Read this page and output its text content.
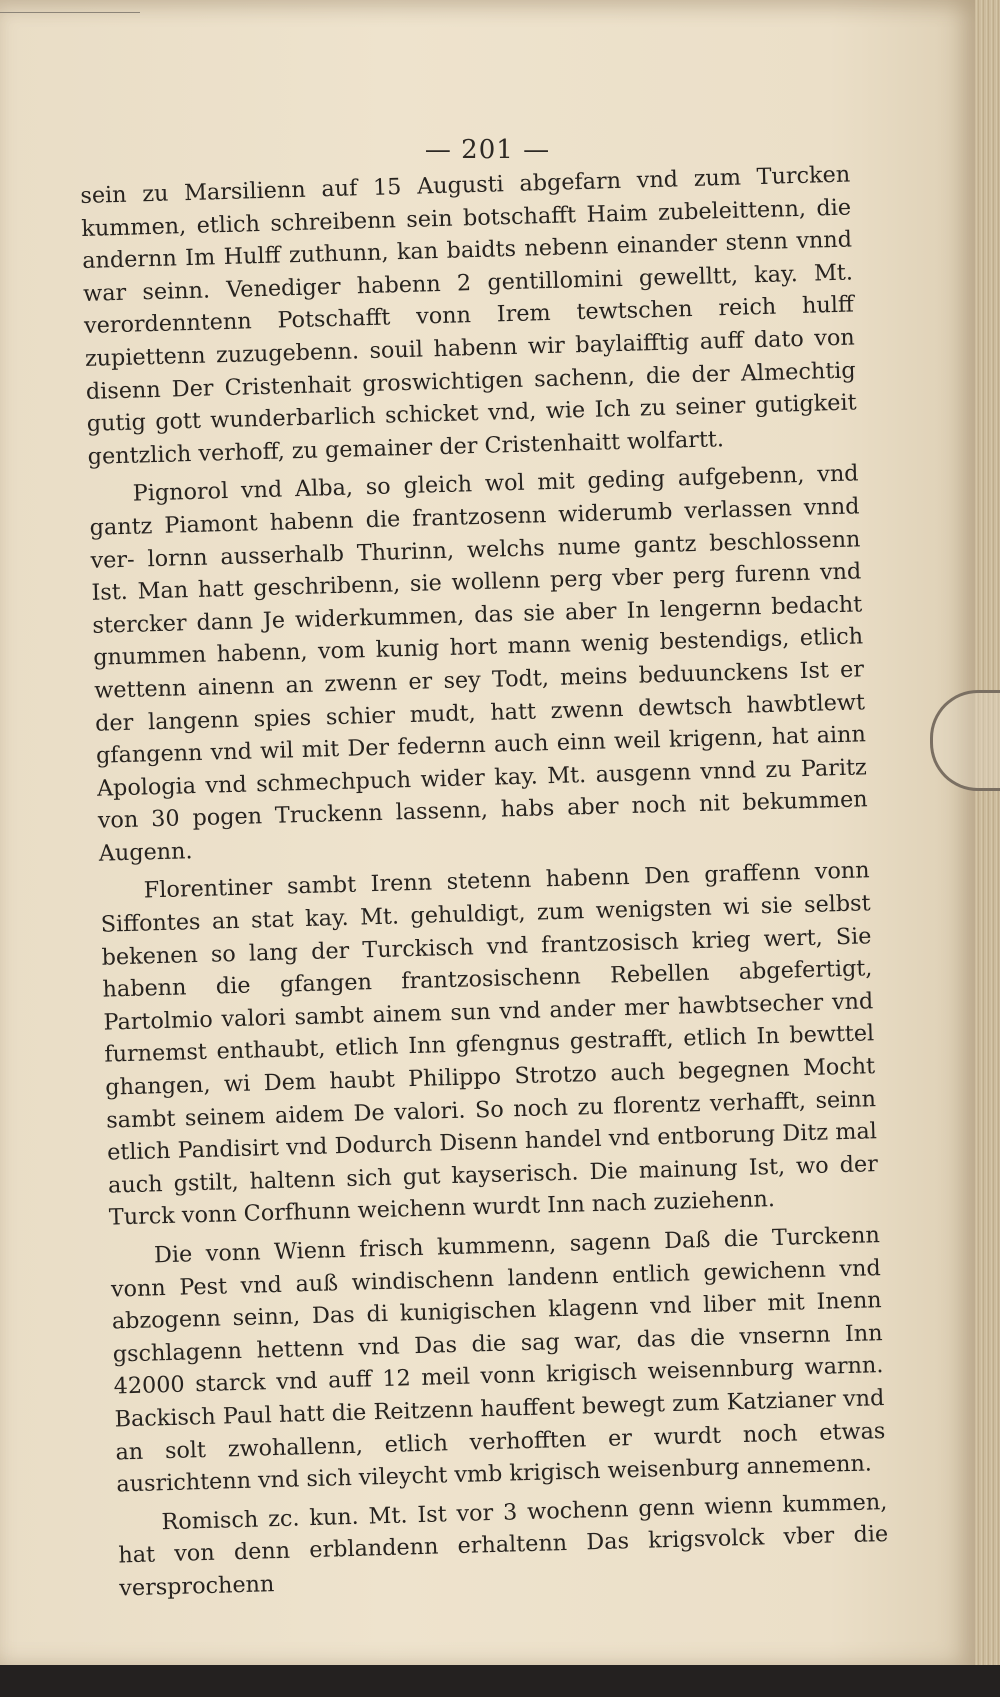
— 201 —

sein zu Marsilienn auf 15 Augusti abgefarn vnd zum Turcken kummen, etlich schreibenn sein botschafft Haim zubeleittenn, die andernn Im Hulff zuthunn, kan baidts nebenn einander stenn vnnd war seinn. Venediger habenn 2 gentillomini gewelltt, kay. Mt. verordenntenn Potschafft vonn Irem tewtschen reich hulff zupiettenn zuzugebenn. souil habenn wir baylaifftig auff dato von disenn Der Cristenhait groswichtigen sachenn, die der Almechtig gutig gott wunderbarlich schicket vnd, wie Ich zu seiner gutigkeit gentzlich verhoff, zu gemainer der Cristenhaitt wolfartt.

Pignorol vnd Alba, so gleich wol mit geding aufgebenn, vnd gantz Piamont habenn die frantzosenn widerumb verlassen vnnd ver- lornn ausserhalb Thurinn, welchs nume gantz beschlossenn Ist. Man hatt geschribenn, sie wollenn perg vber perg furenn vnd stercker dann Je widerkummen, das sie aber In lengernn bedacht gnummen habenn, vom kunig hort mann wenig bestendigs, etlich wettenn ainenn an zwenn er sey Todt, meins beduunckens Ist er der langenn spies schier mudt, hatt zwenn dewtsch hawbtlewt gfangenn vnd wil mit Der federnn auch einn weil krigenn, hat ainn Apologia vnd schmechpuch wider kay. Mt. ausgenn vnnd zu Paritz von 30 pogen Truckenn lassenn, habs aber noch nit bekummen Augenn.

Florentiner sambt Irenn stetenn habenn Den graffenn vonn Siffontes an stat kay. Mt. gehuldigt, zum wenigsten wi sie selbst bekenen so lang der Turckisch vnd frantzosisch krieg wert, Sie habenn die gfangen frantzosischenn Rebellen abgefertigt, Partolmio valori sambt ainem sun vnd ander mer hawbtsecher vnd furnemst enthaubt, etlich Inn gfengnus gestrafft, etlich In bewttel ghangen, wi Dem haubt Philippo Strotzo auch begegnen Mocht sambt seinem aidem De valori. So noch zu florentz verhafft, seinn etlich Pandisirt vnd Dodurch Disenn handel vnd entborung Ditz mal auch gstilt, haltenn sich gut kayserisch. Die mainung Ist, wo der Turck vonn Corfhunn weichenn wurdt Inn nach zuziehenn.

Die vonn Wienn frisch kummenn, sagenn Daß die Turckenn vonn Pest vnd auß windischenn landenn entlich gewichenn vnd abzogenn seinn, Das di kunigischen klagenn vnd liber mit Inenn gschlagenn hettenn vnd Das die sag war, das die vnsernn Inn 42000 starck vnd auff 12 meil vonn krigisch weisennburg warnn. Backisch Paul hatt die Reitzenn hauffent bewegt zum Katzianer vnd an solt zwohallenn, etlich verhofften er wurdt noch etwas ausrichtenn vnd sich vileycht vmb krigisch weisenburg annemenn.

Romisch zc. kun. Mt. Ist vor 3 wochenn genn wienn kummen, hat von denn erblandenn erhaltenn Das krigsvolck vber die versprochenn
